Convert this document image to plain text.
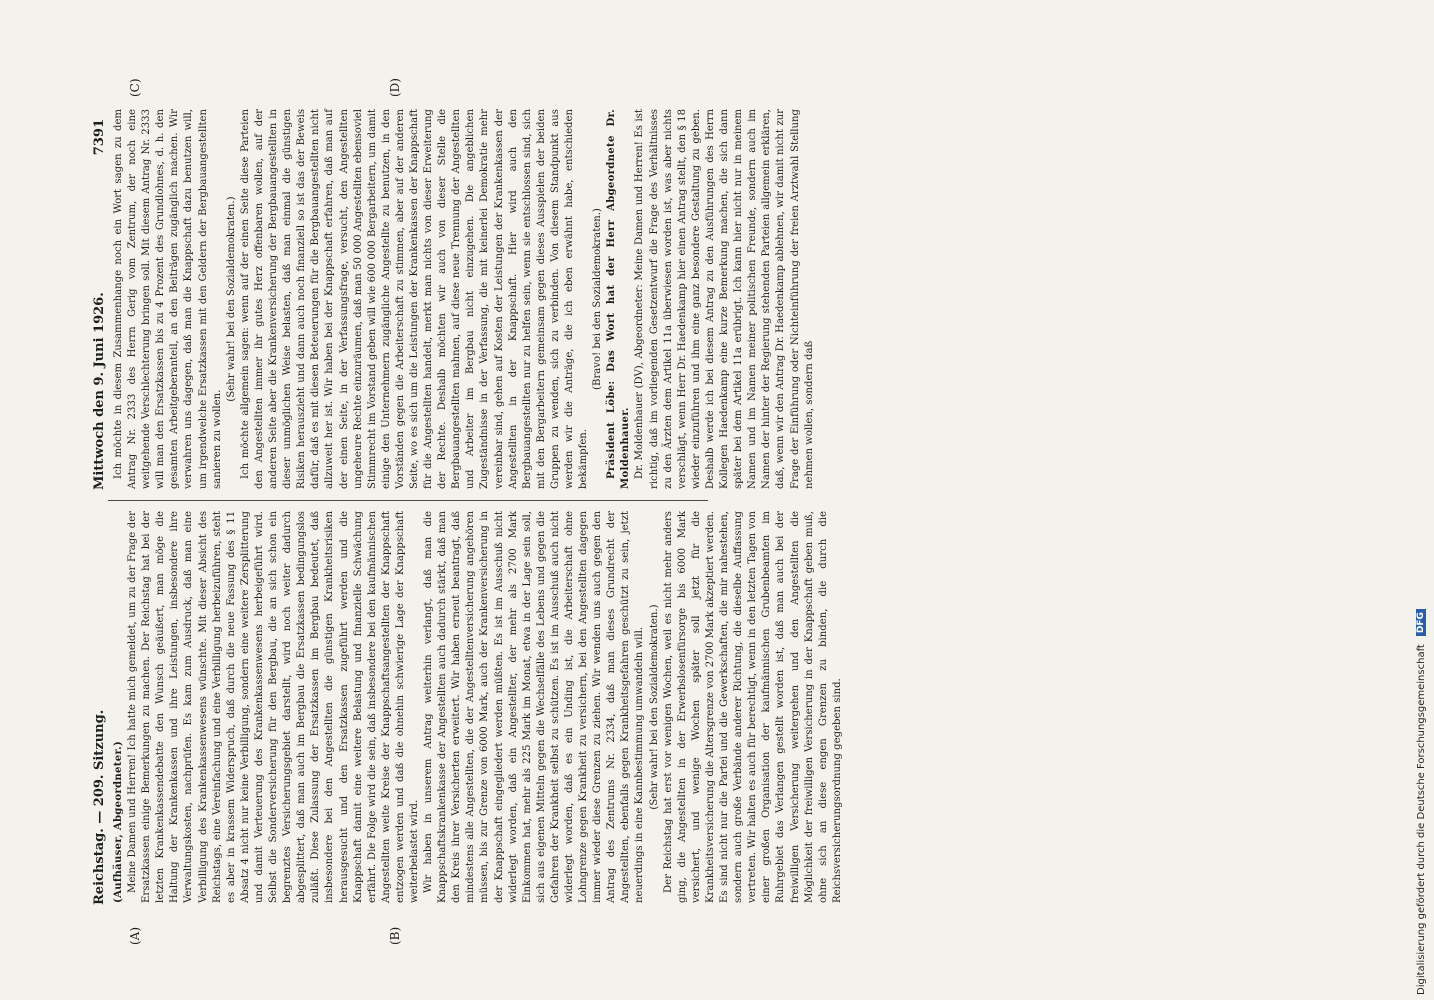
Reichstag. — 209. Sitzung.
Mittwoch den 9. Juni 1926.
7391
(A)	(B)
(C)	(D)

(Aufhäuser, Abgeordneter.) Meine Damen und Herren! Ich hatte mich gemeldet, um zu der Frage der Ersatzkassen einige Bemerkungen zu machen. Der Reichstag hat bei der letzten Krankenkassendebatte den Wunsch geäußert, man möge die Haltung der Krankenkassen und ihre Leistungen, insbesondere ihre Verwaltungskosten, nachprüfen. Es kam zum Ausdruck, daß man eine Verbilligung des Krankenkassenwesens wünschte. Mit dieser Absicht des Reichstags, eine Vereinfachung und eine Verbilligung herbeizuführen, steht es aber in krassem Widerspruch, daß durch die neue Fassung des § 11 Absatz 4 nicht nur keine Verbilligung, sondern eine weitere Zersplitterung und damit Verteuerung des Krankenkassenwesens herbeigeführt wird. Selbst die Sonderversicherung für den Bergbau, die an sich schon ein begrenztes Versicherungsgebiet darstellt, wird noch weiter dadurch abgesplittert, daß man auch im Bergbau die Ersatzkassen bedingungslos zuläßt. Diese Zulassung der Ersatzkassen im Bergbau bedeutet, daß insbesondere bei den Angestellten die günstigen Krankheitsrisiken herausgesucht und den Ersatzkassen zugeführt werden und die Knappschaft damit eine weitere Belastung und finanzielle Schwächung erfährt. Die Folge wird die sein, daß insbesondere bei den kaufmännischen Angestellten weite Kreise der Knappschaftsangestellten der Knappschaft entzogen werden und daß die ohnehin schwierige Lage der Knappschaft weiterbelastet wird. Wir haben in unserem Antrag weiterhin verlangt, daß man die Knappschaftskrankenkasse der Angestellten auch dadurch stärkt, daß man den Kreis ihrer Versicherten erweitert. Wir haben erneut beantragt, daß mindestens alle Angestellten, die der Angestelltenversicherung angehören müssen, bis zur Grenze von 6000 Mark, auch der Krankenversicherung in der Knappschaft eingegliedert werden müßten. Es ist im Ausschuß nicht widerlegt worden, daß ein Angestellter, der mehr als 2700 Mark Einkommen hat, mehr als 225 Mark im Monat, etwa in der Lage sein soll, sich aus eigenen Mitteln gegen die Wechselfälle des Lebens und gegen die Gefahren der Krankheit selbst zu schützen. Es ist im Ausschuß auch nicht widerlegt worden, daß es ein Unding ist, die Arbeiterschaft ohne Lohngrenze gegen Krankheit zu versichern, bei den Angestellten dagegen immer wieder diese Grenzen zu ziehen. Wir wenden uns auch gegen den Antrag des Zentrums Nr. 2334, daß man dieses Grundrecht der Angestellten, ebenfalls gegen Krankheitsgefahren geschützt zu sein, jetzt neuerdings in eine Kannbestimmung umwandeln will. (Sehr wahr! bei den Sozialdemokraten.) Der Reichstag hat erst vor wenigen Wochen, weil es nicht mehr anders ging, die Angestellten in der Erwerbslosenfürsorge bis 6000 Mark versichert, und wenige Wochen später soll jetzt für die Krankheitsversicherung die Altersgrenze von 2700 Mark akzeptiert werden. Es sind nicht nur die Partei und die Gewerkschaften, die mir nahestehen, sondern auch große Verbände anderer Richtung, die dieselbe Auffassung vertreten. Wir halten es auch für berechtigt, wenn in den letzten Tagen von einer großen Organisation der kaufmännischen Grubenbeamten im Ruhrgebiet das Verlangen gestellt worden ist, daß man auch bei der freiwilligen Versicherung weitergehen und den Angestellten die Möglichkeit der freiwilligen Versicherung in der Knappschaft geben muß, ohne sich an diese engen Grenzen zu binden, die durch die Reichsversicherungsordnung gegeben sind.

Ich möchte in diesem Zusammenhange noch ein Wort sagen zu dem Antrag Nr. 2333 des Herrn Gerig vom Zentrum, der noch eine weitgehende Verschlechterung bringen soll. Mit diesem Antrag Nr. 2333 will man den Ersatzkassen bis zu 4 Prozent des Grundlohnes, d. h. den gesamten Arbeitgeberanteil, an den Beiträgen zugänglich machen. Wir verwahren uns dagegen, daß man die Knappschaft dazu benutzen will, um irgendwelche Ersatzkassen mit den Geldern der Bergbauangestellten sanieren zu wollen.

(Sehr wahr! bei den Sozialdemokraten.) Ich möchte allgemein sagen: wenn auf der einen Seite diese Parteien den Angestellten immer ihr gutes Herz offenbaren wollen, auf der anderen Seite aber die Krankenversicherung der Bergbauangestellten in dieser unmöglichen Weise belasten, daß man einmal die günstigen Risiken herauszieht und dann auch noch finanziell so ist das der Beweis dafür, daß es mit diesen Beteuerungen für die Bergbauangestellten nicht allzuweit her ist. Wir haben bei der Knappschaft erfahren, daß man auf der einen Seite, in der Verfassungsfrage, versucht, den Angestellten ungeheure Rechte einzuräumen, daß man 50 000 Angestellten ebensoviel Stimmrecht im Vorstand geben will wie 600 000 Bergarbeitern, um damit einige den Unternehmern zugängliche Angestellte zu benutzen, in den Vorständen gegen die Arbeiterschaft zu stimmen, aber auf der anderen Seite, wo es sich um die Leistungen der Krankenkassen der Knappschaft für die Angestellten handelt, merkt man nichts von dieser Erweiterung der Rechte. Deshalb möchten wir auch von dieser Stelle die Bergbauangestellten mahnen, auf diese neue Trennung der Angestellten und Arbeiter im Bergbau nicht einzugehen. Die angeblichen Zugeständnisse in der Verfassung, die mit keinerlei Demokratie mehr vereinbar sind, gehen auf Kosten der Leistungen der Krankenkassen der Angestellten in der Knappschaft. Hier wird auch den Bergbauangestellten nur zu helfen sein, wenn sie entschlossen sind, sich mit den Bergarbeitern gemeinsam gegen dieses Ausspielen der beiden Gruppen zu wenden, sich zu verbinden. Von diesem Standpunkt aus werden wir die Anträge, die ich eben erwähnt habe, entschieden bekämpfen.

(Bravo! bei den Sozialdemokraten.) Präsident Löbe: Das Wort hat der Herr Abgeordnete Dr. Moldenhauer. Dr. Moldenhauer (DV), Abgeordneter: Meine Damen und Herren! Es ist richtig, daß im vorliegenden Gesetzentwurf die Frage des Verhältnisses zu den Ärzten dem Artikel 11a überwiesen worden ist, was aber nichts verschlägt, wenn Herr Dr. Haedenkamp hier einen Antrag stellt, den § 18 wieder einzuführen und ihm eine ganz besondere Gestaltung zu geben. Deshalb werde ich bei diesem Antrag zu den Ausführungen des Herrn Kollegen Haedenkamp eine kurze Bemerkung machen, die sich dann später bei dem Artikel 11a erübrigt. Ich kann hier nicht nur in meinem Namen und im Namen meiner politischen Freunde, sondern auch im Namen der hinter der Regierung stehenden Parteien allgemein erklären, daß, wenn wir den Antrag Dr. Haedenkamp ablehnen, wir damit nicht zur Frage der Einführung oder Nichteinführung der freien Arztwahl Stellung nehmen wollen, sondern daß

Digitalisierung gefördert durch die Deutsche Forschungsgemeinschaft
DFG
